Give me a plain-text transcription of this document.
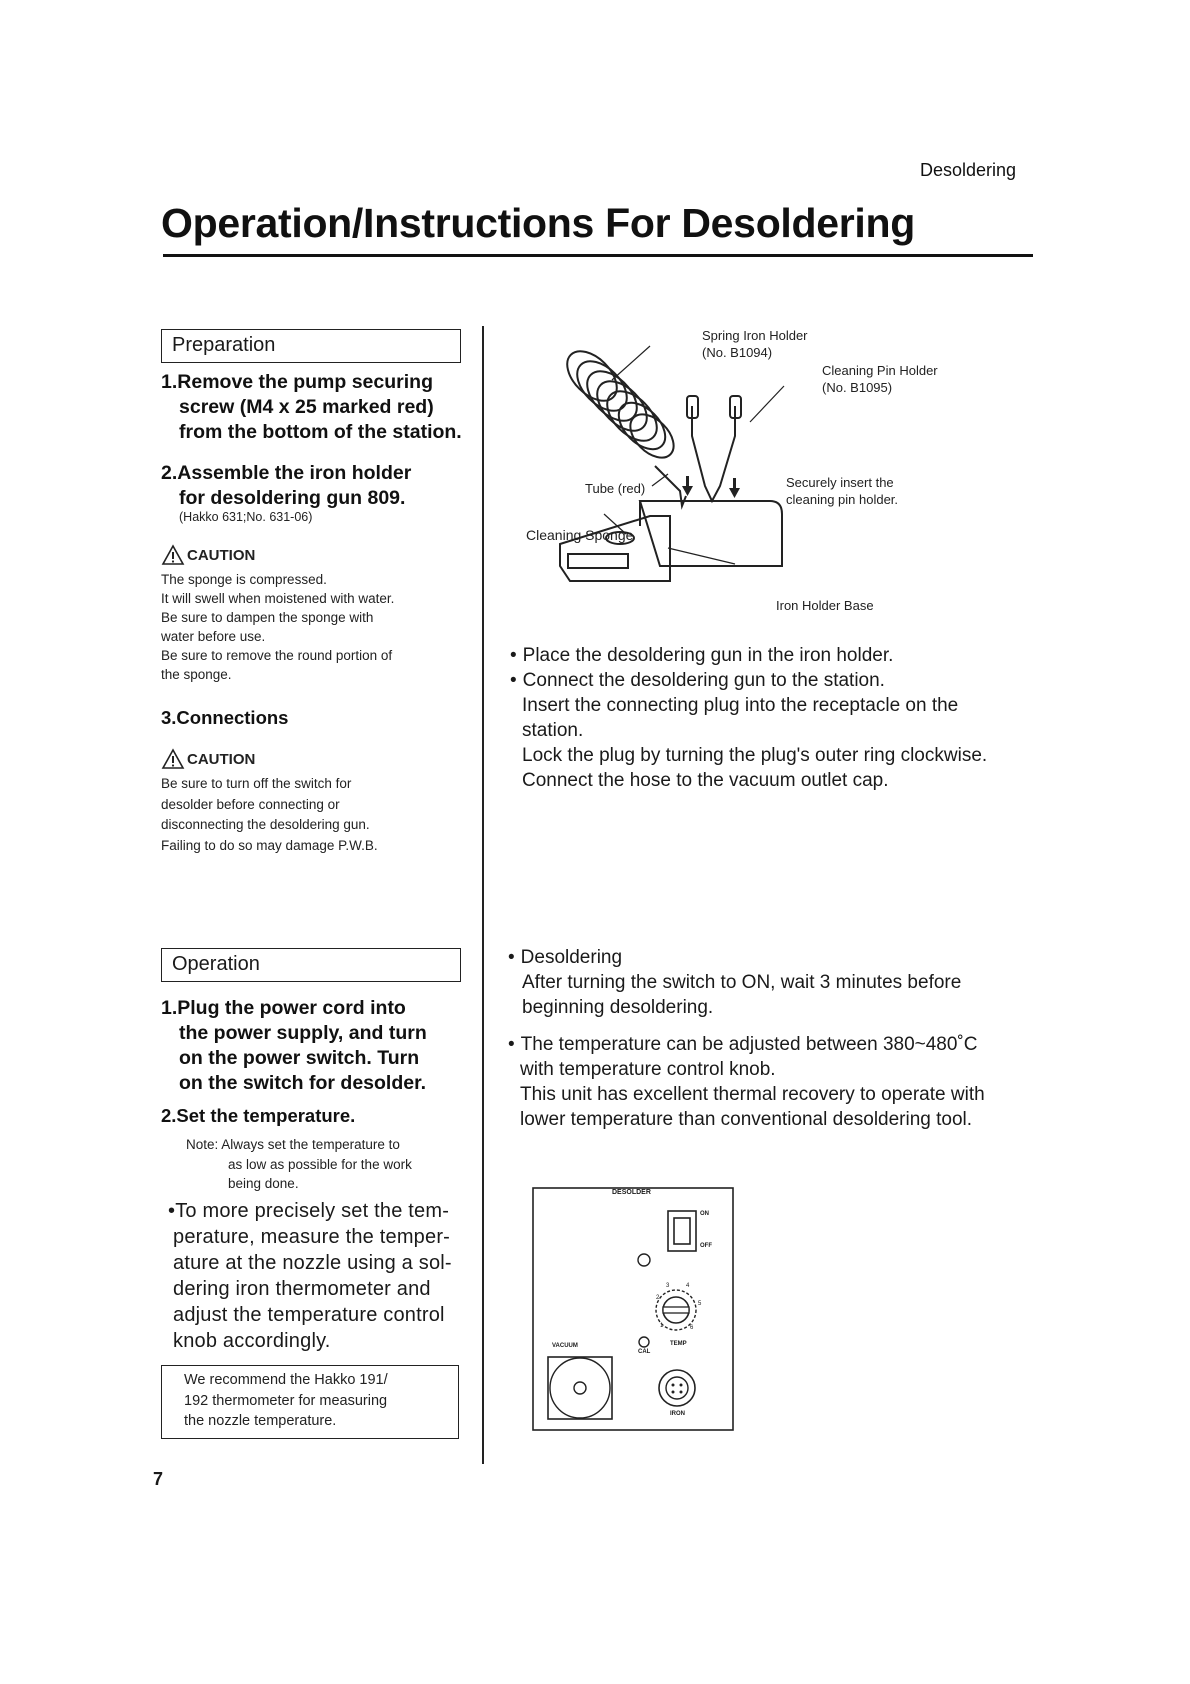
Desoldering
Operation/Instructions For Desoldering
Preparation
1.Remove the pump securing
screw (M4 x 25 marked red)
from the bottom of the station.
2.Assemble the iron holder
for desoldering gun 809.
(Hakko 631;No. 631-06)
CAUTION
The sponge is compressed.
It will swell when moistened with water.
Be sure to dampen the sponge with
water before use.
Be sure to remove the round portion of
the sponge.
3.Connections
CAUTION
Be sure to turn off the switch for
desolder before connecting or
disconnecting the desoldering gun.
Failing to do so may damage P.W.B.
Spring Iron Holder
(No. B1094)
Cleaning Pin Holder
(No. B1095)
Tube (red)	Securely insert the
cleaning pin holder.
Cleaning Sponge
Iron Holder Base
• Place the desoldering gun in the iron holder.
• Connect the desoldering gun to the station.
Insert the connecting plug into the receptacle on the
station.
Lock the plug by turning the plug's outer ring clockwise.
Connect the hose to the vacuum outlet cap.
Operation
1.Plug the power cord into
the power supply, and turn
on the power switch. Turn
on the switch for desolder.
2.Set the temperature.
Note: Always set the temperature to
as low as possible for the work
being done.
•To more precisely set the tem-
perature, measure the temper-
ature at the nozzle using a sol-
dering iron thermometer and
adjust the temperature control
knob accordingly.
We recommend the Hakko 191/
192 thermometer for measuring
the nozzle temperature.
• Desoldering
After turning the switch to ON, wait 3 minutes before
beginning desoldering.
• The temperature can be adjusted between 380~480˚C
with temperature control knob.
This unit has excellent thermal recovery to operate with
lower temperature than conventional desoldering tool.
DESOLDER
ON
OFF
2
3	4
5
1	6
VACUUM
CAL
TEMP
IRON
7
